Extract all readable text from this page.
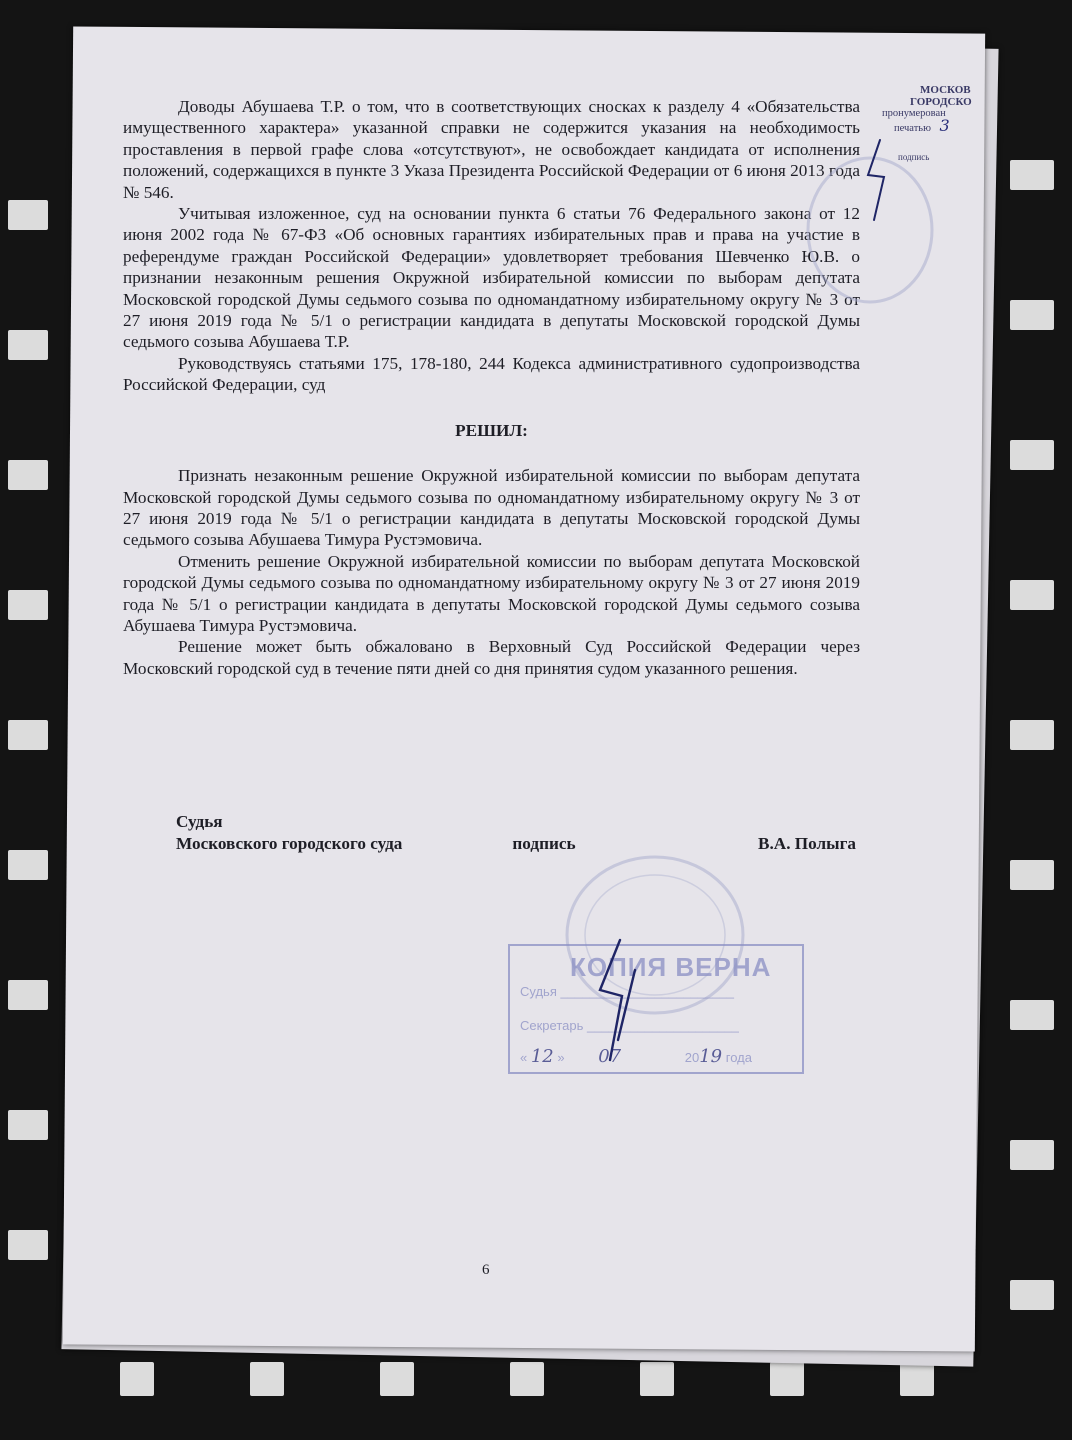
МОСКОВ
ГОРОДСКО
пронумерован
печатью 3
подпись

Доводы Абушаева Т.Р. о том, что в соответствующих сносках к разделу 4 «Обязательства имущественного характера» указанной справки не содержится указания на необходимость проставления в первой графе слова «отсутствуют», не освобождает кандидата от исполнения положений, содержащихся в пункте 3 Указа Президента Российской Федерации от 6 июня 2013 года № 546.

Учитывая изложенное, суд на основании пункта 6 статьи 76 Федерального закона от 12 июня 2002 года № 67-ФЗ «Об основных гарантиях избирательных прав и права на участие в референдуме граждан Российской Федерации» удовлетворяет требования Шевченко Ю.В. о признании незаконным решения Окружной избирательной комиссии по выборам депутата Московской городской Думы седьмого созыва по одномандатному избирательному округу № 3 от 27 июня 2019 года № 5/1 о регистрации кандидата в депутаты Московской городской Думы седьмого созыва Абушаева Т.Р.

Руководствуясь статьями 175, 178-180, 244 Кодекса административного судопроизводства Российской Федерации, суд

РЕШИЛ:

Признать незаконным решение Окружной избирательной комиссии по выборам депутата Московской городской Думы седьмого созыва по одномандатному избирательному округу № 3 от 27 июня 2019 года № 5/1 о регистрации кандидата в депутаты Московской городской Думы седьмого созыва Абушаева Тимура Рустэмовича.

Отменить решение Окружной избирательной комиссии по выборам депутата Московской городской Думы седьмого созыва по одномандатному избирательному округу № 3 от 27 июня 2019 года № 5/1 о регистрации кандидата в депутаты Московской городской Думы седьмого созыва Абушаева Тимура Рустэмовича.

Решение может быть обжаловано в Верховный Суд Российской Федерации через Московский городской суд в течение пяти дней со дня принятия судом указанного решения.

Судья
Московского городского суда	подпись	В.А. Полыга
КОПИЯ ВЕРНА
Судья ________________________
Секретарь _____________________
« 12 » 07	2019 года
6
